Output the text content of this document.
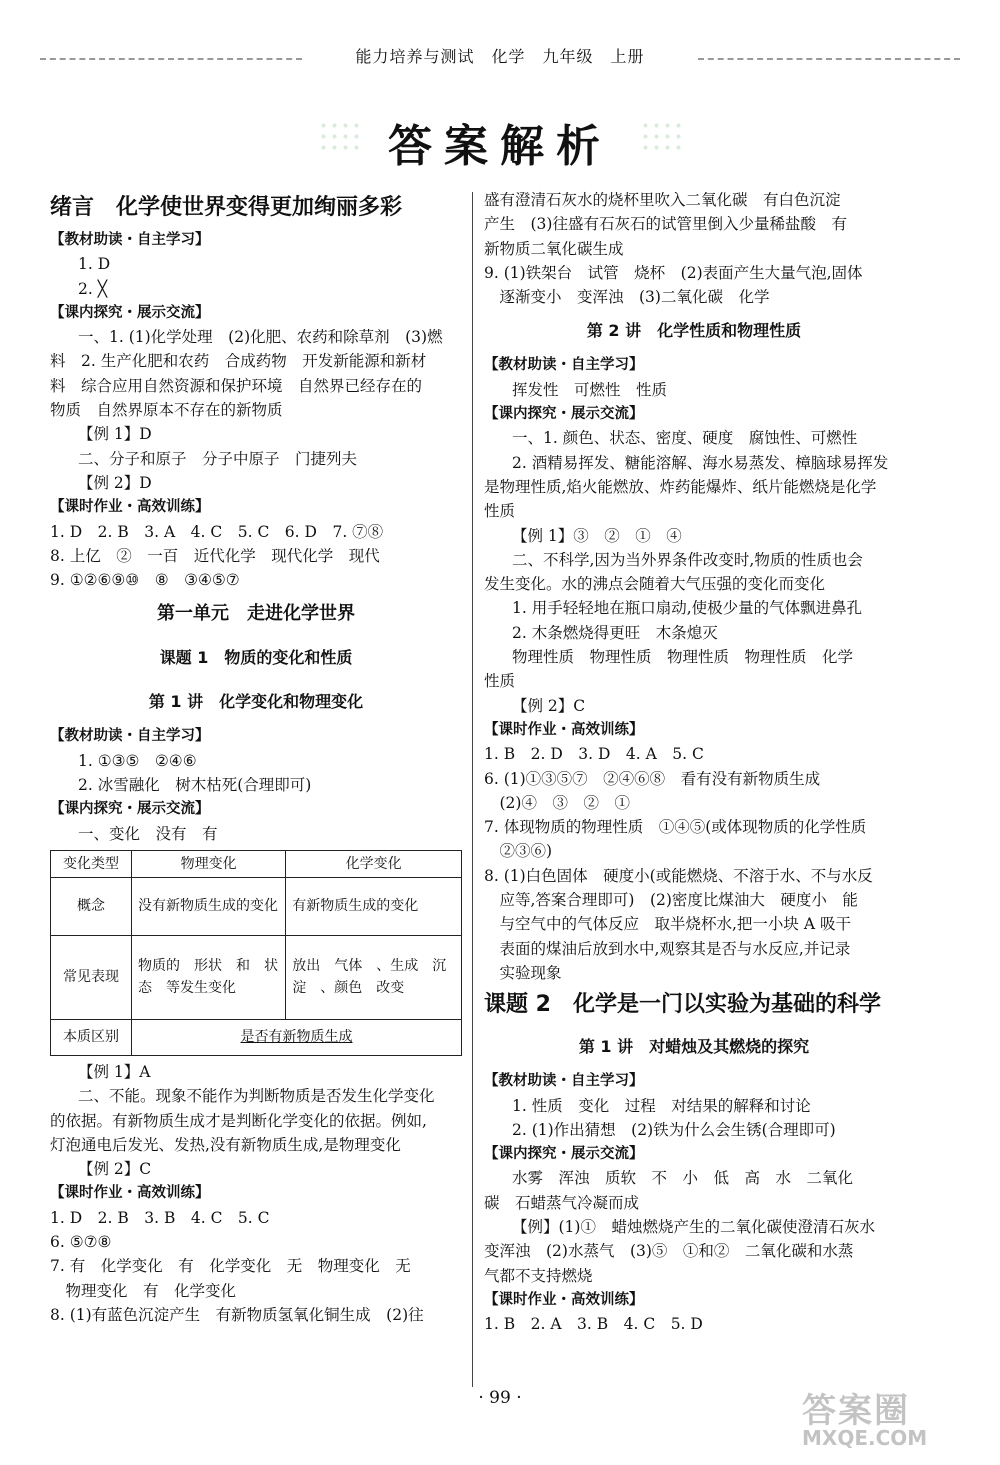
能力培养与测试　化学　九年级　上册
答案解析
绪言　化学使世界变得更加绚丽多彩
【教材助读・自主学习】
1. D
2. ╳
【课内探究・展示交流】
一、1. (1)化学处理　(2)化肥、农药和除草剂　(3)燃
料　2. 生产化肥和农药　合成药物　开发新能源和新材
料　综合应用自然资源和保护环境　自然界已经存在的
物质　自然界原本不存在的新物质
【例 1】D
二、分子和原子　分子中原子　门捷列夫
【例 2】D
【课时作业・高效训练】
1. D　2. B　3. A　4. C　5. C　6. D　7. ⑦⑧
8. 上亿　②　一百　近代化学　现代化学　现代
9. ①②⑥⑨⑩　⑧　③④⑤⑦
第一单元　走进化学世界
课题 1　物质的变化和性质
第 1 讲　化学变化和物理变化
【教材助读・自主学习】
1. ①③⑤　②④⑥
2. 冰雪融化　树木枯死(合理即可)
【课内探究・展示交流】
一、变化　没有　有
变化类型	物理变化	化学变化
概念	没有新物质生成的变化	有新物质生成的变化
常见表现	物质的　形状　和　状态　等发生变化	放出　气体　、生成　沉淀　、颜色　改变
本质区别	是否有新物质生成	
【例 1】A
二、不能。现象不能作为判断物质是否发生化学变化
的依据。有新物质生成才是判断化学变化的依据。例如,
灯泡通电后发光、发热,没有新物质生成,是物理变化
【例 2】C
【课时作业・高效训练】
1. D　2. B　3. B　4. C　5. C
6. ⑤⑦⑧
7. 有　化学变化　有　化学变化　无　物理变化　无
　物理变化　有　化学变化
8. (1)有蓝色沉淀产生　有新物质氢氧化铜生成　(2)往
盛有澄清石灰水的烧杯里吹入二氧化碳　有白色沉淀
产生　(3)往盛有石灰石的试管里倒入少量稀盐酸　有
新物质二氧化碳生成
9. (1)铁架台　试管　烧杯　(2)表面产生大量气泡,固体
　逐渐变小　变浑浊　(3)二氧化碳　化学
第 2 讲　化学性质和物理性质
【教材助读・自主学习】
挥发性　可燃性　性质
【课内探究・展示交流】
一、1. 颜色、状态、密度、硬度　腐蚀性、可燃性
2. 酒精易挥发、糖能溶解、海水易蒸发、樟脑球易挥发
是物理性质,焰火能燃放、炸药能爆炸、纸片能燃烧是化学
性质
【例 1】③　②　①　④
二、不科学,因为当外界条件改变时,物质的性质也会
发生变化。水的沸点会随着大气压强的变化而变化
1. 用手轻轻地在瓶口扇动,使极少量的气体飘进鼻孔
2. 木条燃烧得更旺　木条熄灭
物理性质　物理性质　物理性质　物理性质　化学
性质
【例 2】C
【课时作业・高效训练】
1. B　2. D　3. D　4. A　5. C
6. (1)①③⑤⑦　②④⑥⑧　看有没有新物质生成
　(2)④　③　②　①
7. 体现物质的物理性质　①④⑤(或体现物质的化学性质
　②③⑥)
8. (1)白色固体　硬度小(或能燃烧、不溶于水、不与水反
　应等,答案合理即可)　(2)密度比煤油大　硬度小　能
　与空气中的气体反应　取半烧杯水,把一小块 A 吸干
　表面的煤油后放到水中,观察其是否与水反应,并记录
　实验现象
课题 2　化学是一门以实验为基础的科学
第 1 讲　对蜡烛及其燃烧的探究
【教材助读・自主学习】
1. 性质　变化　过程　对结果的解释和讨论
2. (1)作出猜想　(2)铁为什么会生锈(合理即可)
【课内探究・展示交流】
水雾　浑浊　质软　不　小　低　高　水　二氧化
碳　石蜡蒸气冷凝而成
【例】(1)①　蜡烛燃烧产生的二氧化碳使澄清石灰水
变浑浊　(2)水蒸气　(3)⑤　①和②　二氧化碳和水蒸
气都不支持燃烧
【课时作业・高效训练】
1. B　2. A　3. B　4. C　5. D
· 99 ·	答案圈
MXQE.COM
